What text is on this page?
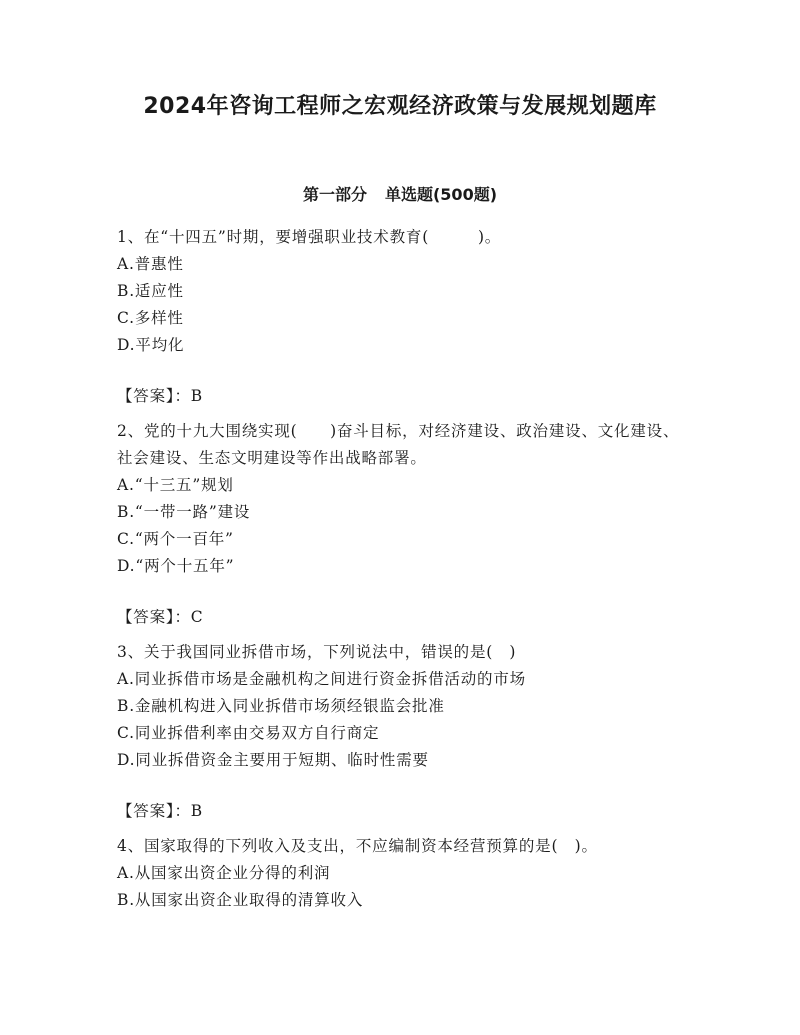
2024年咨询工程师之宏观经济政策与发展规划题库
第一部分 单选题(500题)

1、在“十四五”时期，要增强职业技术教育(　　　)。

A.普惠性

B.适应性

C.多样性

D.平均化

【答案】：B

2、党的十九大围绕实现(　　)奋斗目标，对经济建设、政治建设、文化建设、社会建设、生态文明建设等作出战略部署。

A.“十三五”规划

B.“一带一路”建设

C.“两个一百年”

D.“两个十五年”

【答案】：C

3、关于我国同业拆借市场，下列说法中，错误的是(　)

A.同业拆借市场是金融机构之间进行资金拆借活动的市场

B.金融机构进入同业拆借市场须经银监会批准

C.同业拆借利率由交易双方自行商定

D.同业拆借资金主要用于短期、临时性需要

【答案】：B

4、国家取得的下列收入及支出，不应编制资本经营预算的是(　)。

A.从国家出资企业分得的利润

B.从国家出资企业取得的清算收入
